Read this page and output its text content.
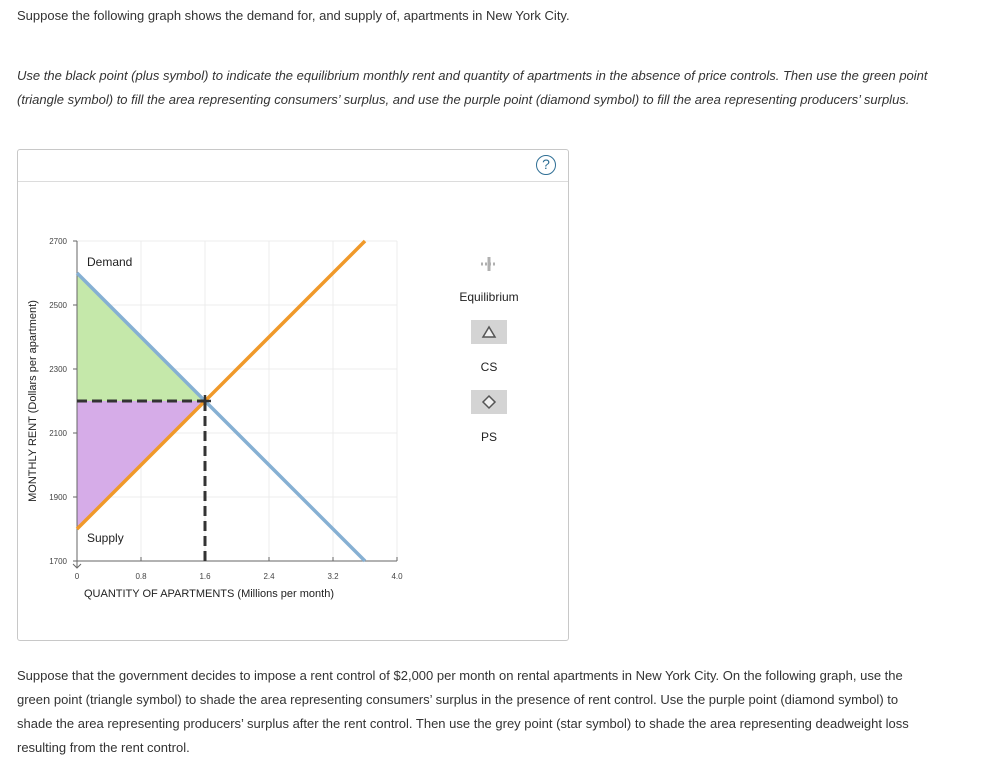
Suppose the following graph shows the demand for, and supply of, apartments in New York City.

Use the black point (plus symbol) to indicate the equilibrium monthly rent and quantity of apartments in the absence of price controls. Then use the green point (triangle symbol) to fill the area representing consumers’ surplus, and use the purple point (diamond symbol) to fill the area representing producers’ surplus.

?
2700
2500
2300
2100
1900
1700
0	0.8	1.6	2.4	3.2	4.0
Demand
Supply
QUANTITY OF APARTMENTS (Millions per month)
MONTHLY RENT (Dollars per apartment)
Equilibrium
CS
PS

Suppose that the government decides to impose a rent control of $2,000 per month on rental apartments in New York City. On the following graph, use the green point (triangle symbol) to shade the area representing consumers’ surplus in the presence of rent control. Use the purple point (diamond symbol) to shade the area representing producers’ surplus after the rent control. Then use the grey point (star symbol) to shade the area representing deadweight loss resulting from the rent control.
